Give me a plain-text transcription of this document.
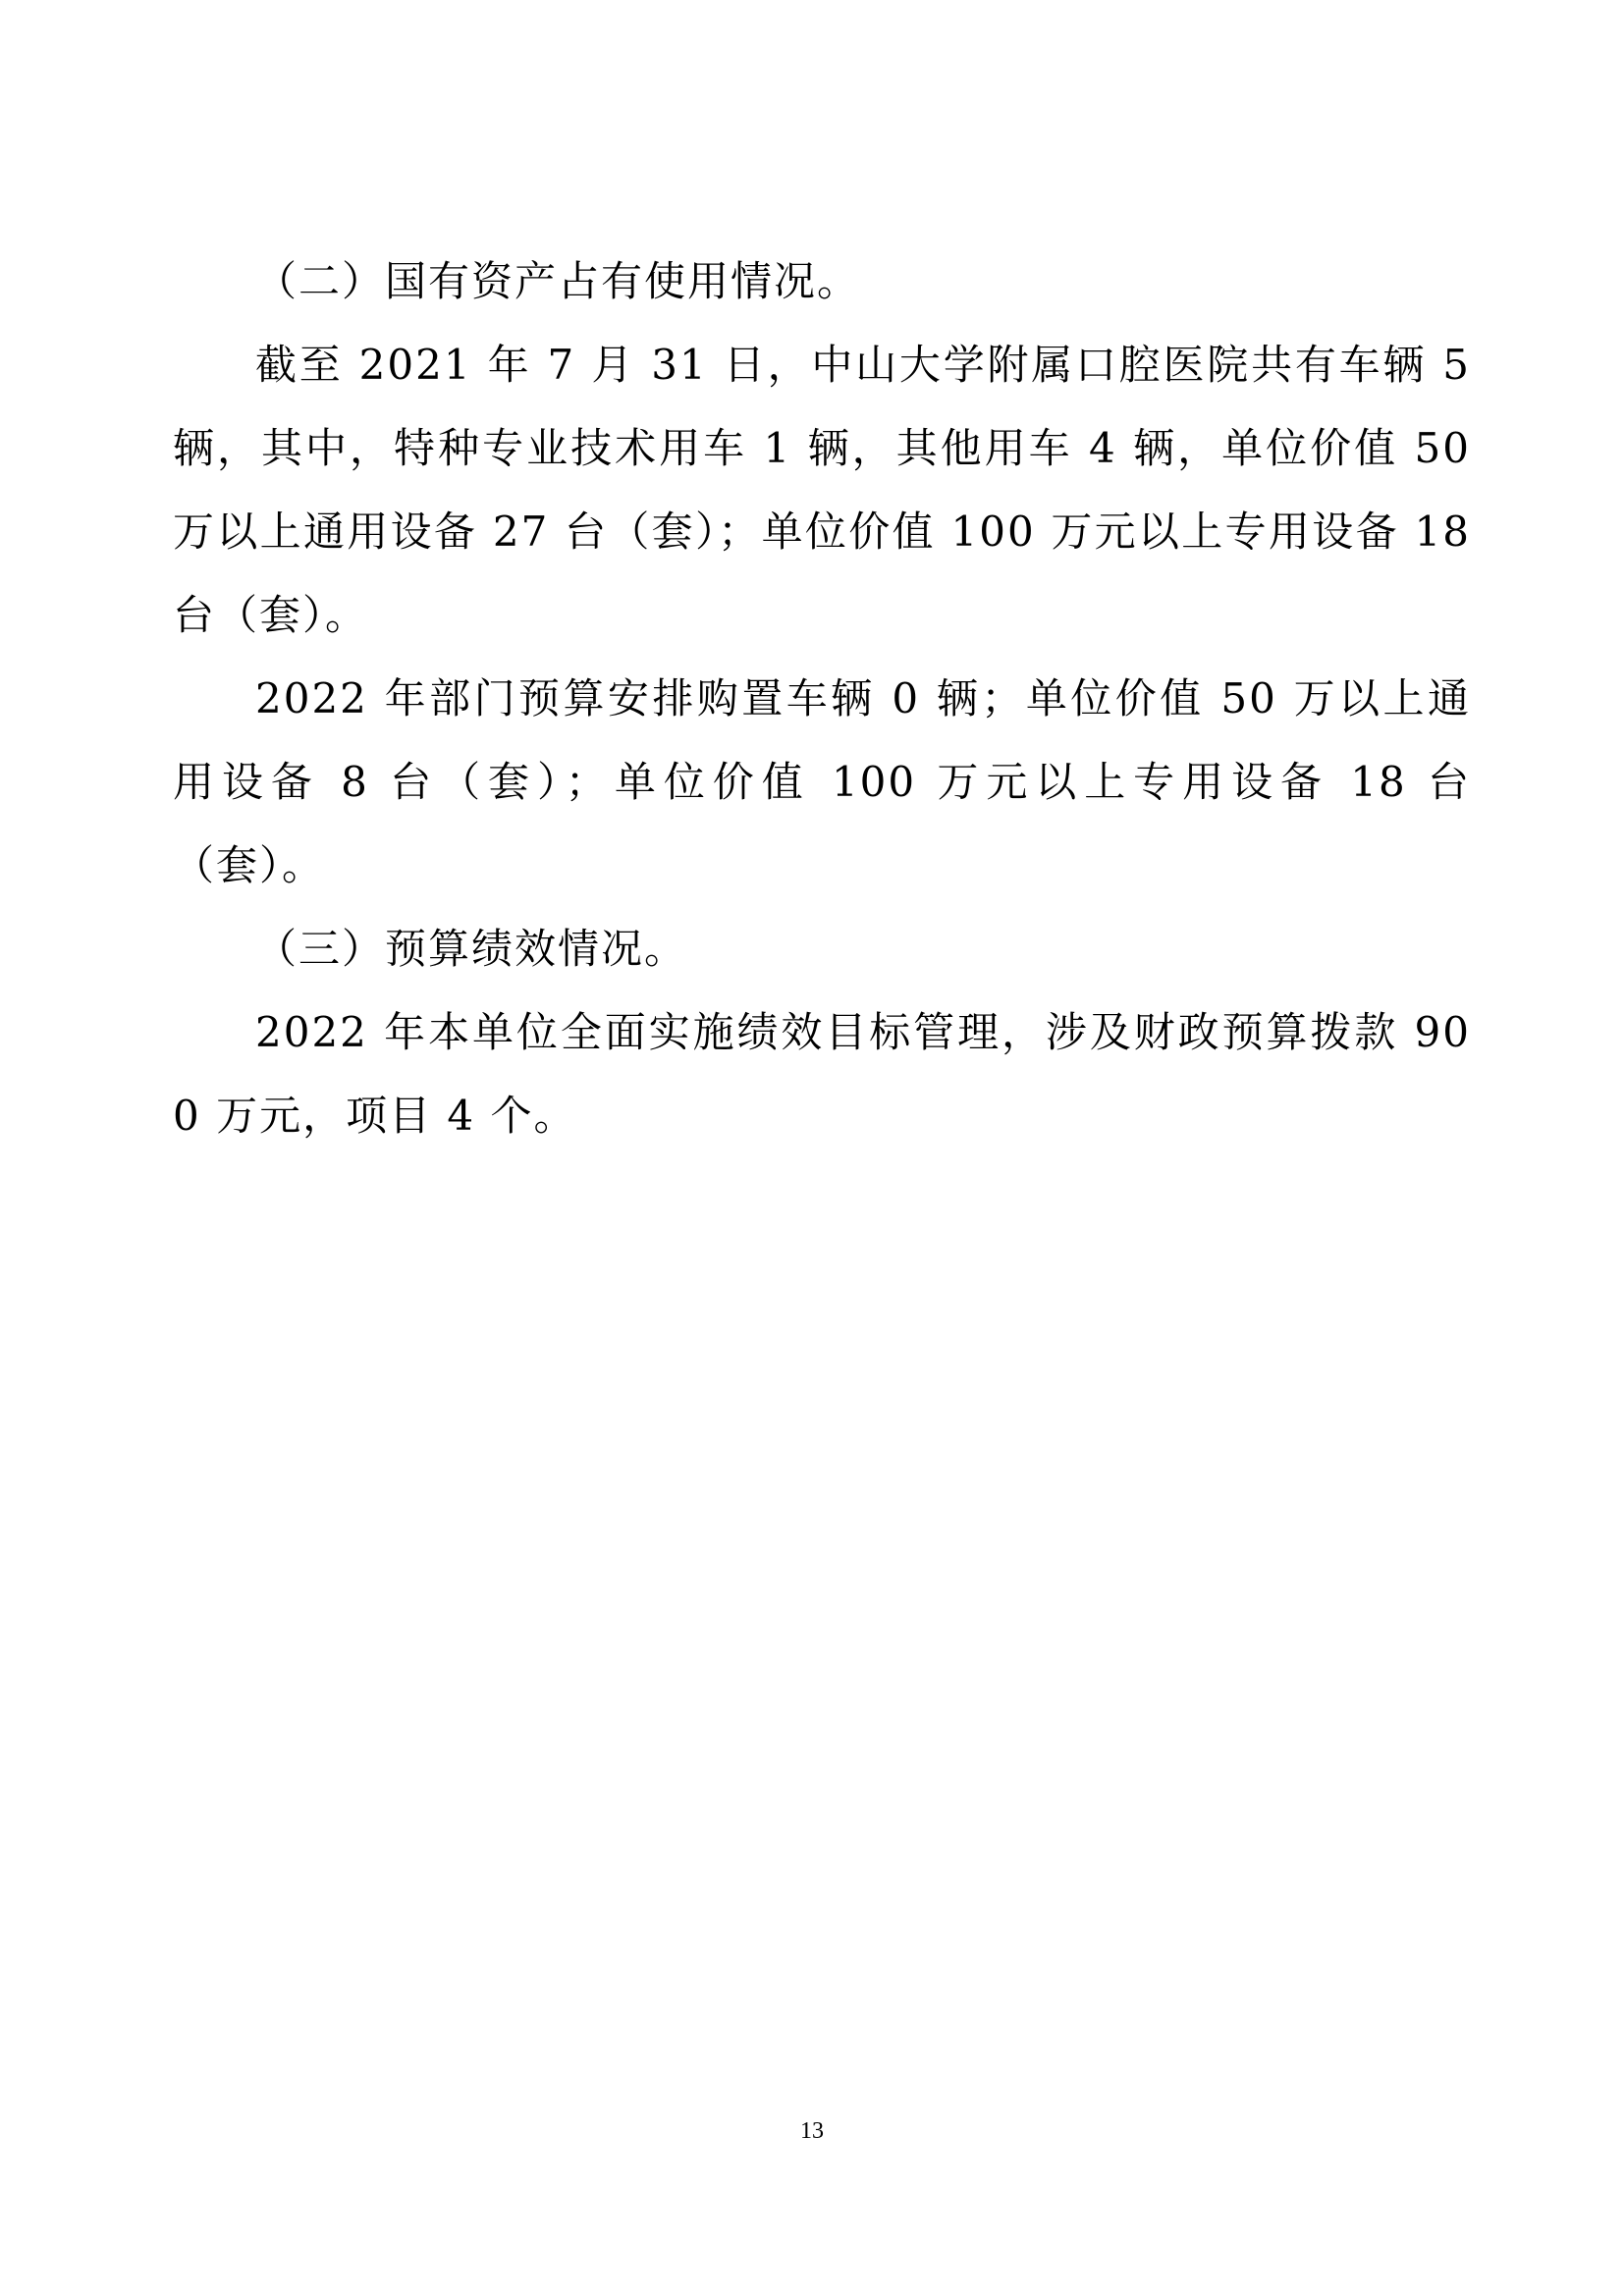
（二）国有资产占有使用情况。

截至 2021 年 7 月 31 日，中山大学附属口腔医院共有车辆 5 辆，其中，特种专业技术用车 1 辆，其他用车 4 辆，单位价值 50 万以上通用设备 27 台（套）；单位价值 100 万元以上专用设备 18 台（套）。

2022 年部门预算安排购置车辆 0 辆；单位价值 50 万以上通用设备 8 台（套）；单位价值 100 万元以上专用设备 18 台（套）。

（三）预算绩效情况。

2022 年本单位全面实施绩效目标管理，涉及财政预算拨款 900 万元，项目 4 个。

13
